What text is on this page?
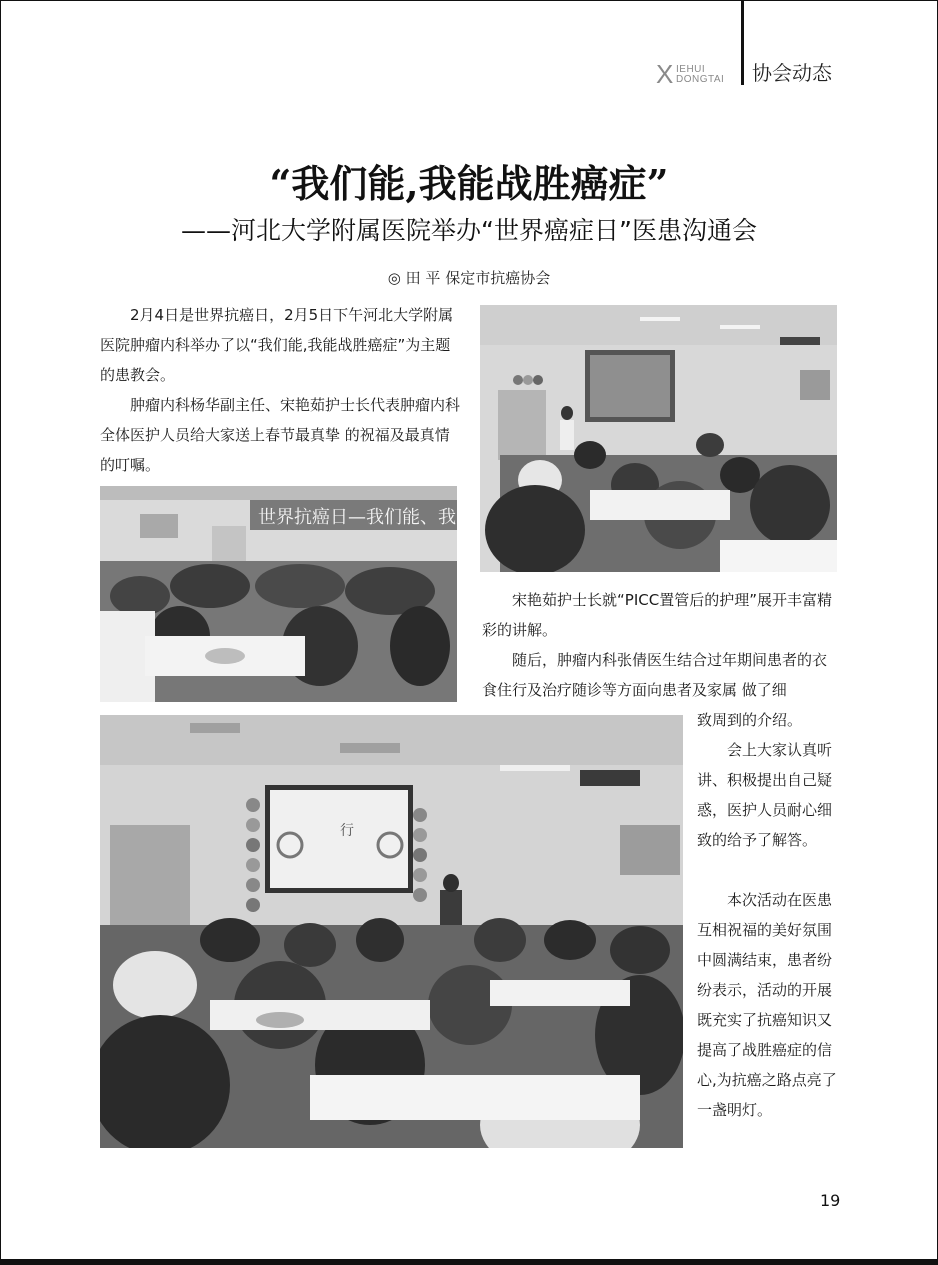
X IEHUI
DONGTAI 协会动态
“我们能,我能战胜癌症”
——河北大学附属医院举办“世界癌症日”医患沟通会
◎ 田 平 保定市抗癌协会

2月4日是世界抗癌日，2月5日下午河北大学附属医院肿瘤内科举办了以“我们能,我能战胜癌症”为主题的患教会。

肿瘤内科杨华副主任、宋艳茹护士长代表肿瘤内科全体医护人员给大家送上春节最真挚 的祝福及最真情的叮嘱。

世界抗癌日—我们能、我

宋艳茹护士长就“PICC置管后的护理”展开丰富精彩的讲解。

随后，肿瘤内科张倩医生结合过年期间患者的衣食住行及治疗随诊等方面向患者及家属 做了细

致周到的介绍。

行

会上大家认真听讲、积极提出自己疑惑，医护人员耐心细致的给予了解答。

本次活动在医患互相祝福的美好氛围中圆满结束，患者纷纷表示，活动的开展既充实了抗癌知识又提高了战胜癌症的信心,为抗癌之路点亮了一盏明灯。

19
